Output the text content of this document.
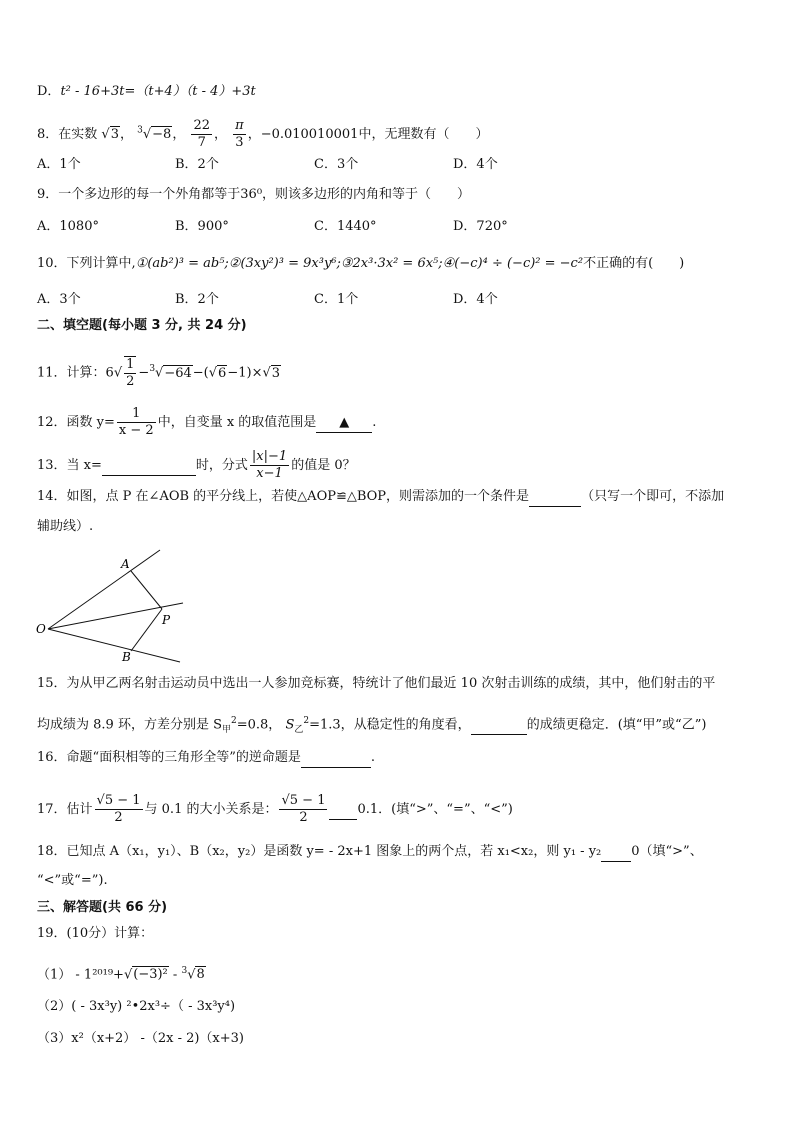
D．t² - 16+3t=（t+4）（t - 4）+3t
8．在实数 √3， $^3$√−8， $\frac{22}{7}$ ， $\frac{\pi}{3}$ ，−0.010010001中，无理数有（　　）
A．1个	B．2个	C．3个	D．4个
9．一个多边形的每一个外角都等于36⁰，则该多边形的内角和等于（　　）
A．1080°	B．900°	C．1440°	D．720°
10．下列计算中,①(ab²)³ = ab⁵;②(3xy²)³ = 9x³y⁶;③2x³·3x² = 6x⁵;④(−c)⁴ ÷ (−c)² = −c²不正确的有(　　)
A．3个	B．2个	C．1个	D．4个
二、填空题(每小题 3 分, 共 24 分)
11．计算：$6√ \frac{1}{2} -^3√-64-(√6-1)\times√3$
12．函数 $y= \frac{1}{x - 2}$ 中，自变量 x 的取值范围是 ▲ .
13．当 x=	时，分式 $\frac{|x|-1}{x-1}$ 的值是 0？
14．如图，点 P 在∠AOB 的平分线上，若使△AOP≌△BOP，则需添加的一个条件是	（只写一个即可，不添加
辅助线）.
A
B
O
P
15．为从甲乙两名射击运动员中选出一人参加竞标赛，特统计了他们最近 10 次射击训练的成绩，其中，他们射击的平
均成绩为 8.9 环，方差分别是 $S_甲^2=0.8$， $S_乙^2=1.3$，从稳定性的角度看，	的成绩更稳定．(填“甲”或“乙”)
16．命题“面积相等的三角形全等”的逆命题是	.
17．估计 $\frac{√5 - 1}{2}$ 与 0.1 的大小关系是： $\frac{√5 - 1}{2} 0.1$．(填“>”、“=”、“<”)
18．已知点 A（x₁，y₁）、B（x₂，y₂）是函数 y= - 2x+1 图象上的两个点，若 x₁<x₂，则 y₁ - y₂ 0（填“>”、
“<”或“=”).
三、解答题(共 66 分)
19．(10分）计算：
（1） - 1²⁰¹⁹+√(−3)² - $^3$√8
（2）( - 3x³y) ²•2x³÷（ - 3x³y⁴)
（3）x²（x+2） -（2x - 2)（x+3)
